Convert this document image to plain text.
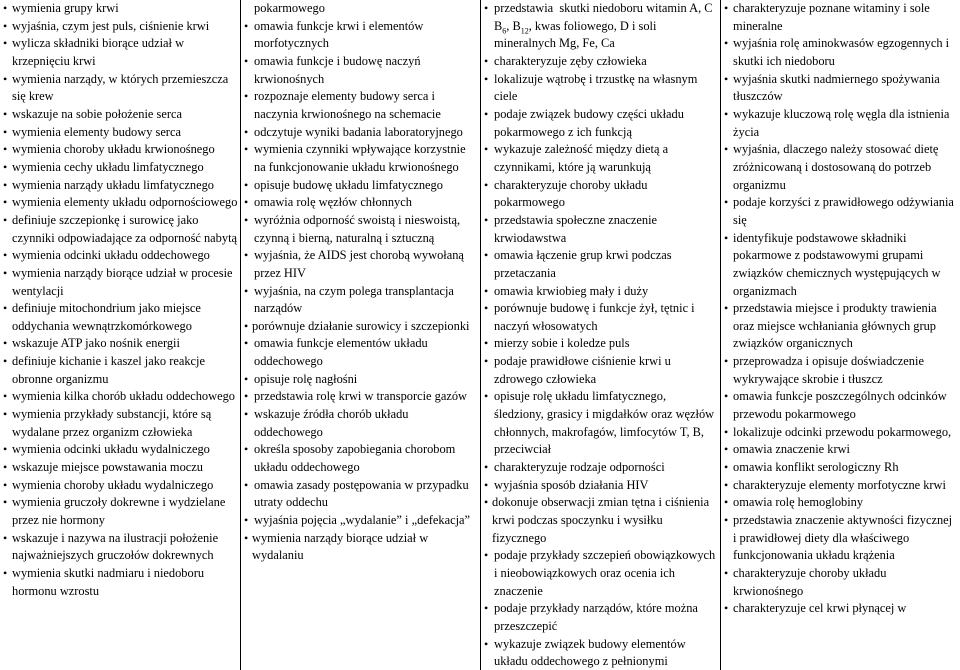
• wymienia grupy krwi
• wyjaśnia, czym jest puls, ciśnienie krwi
• wylicza składniki biorące udział w krzepnięciu krwi
• wymienia narządy, w których przemieszcza się krew
• wskazuje na sobie położenie serca
• wymienia elementy budowy serca
• wymienia choroby układu krwionośnego
• wymienia cechy układu limfatycznego
• wymienia narządy układu limfatycznego
• wymienia elementy układu odpornościowego
• definiuje szczepionkę i surowicę jako czynniki odpowiadające za odporność nabytą
• wymienia odcinki układu oddechowego
• wymienia narządy biorące udział w procesie wentylacji
• definiuje mitochondrium jako miejsce oddychania wewnątrzkomórkowego
• wskazuje ATP jako nośnik energii
• definiuje kichanie i kaszel jako reakcje obronne organizmu
• wymienia kilka chorób układu oddechowego
• wymienia przykłady substancji, które są wydalane przez organizm człowieka
• wymienia odcinki układu wydalniczego
• wskazuje miejsce powstawania moczu
• wymienia choroby układu wydalniczego
• wymienia gruczoły dokrewne i wydzielane przez nie hormony
• wskazuje i nazywa na ilustracji położenie najważniejszych gruczołów dokrewnych
• wymienia skutki nadmiaru i niedoboru hormonu wzrostu
pokarmowego
• omawia funkcje krwi i elementów morfotycznych
• omawia funkcje i budowę naczyń krwionośnych
• rozpoznaje elementy budowy serca i naczynia krwionośnego na schemacie
• odczytuje wyniki badania laboratoryjnego
• wymienia czynniki wpływające korzystnie na funkcjonowanie układu krwionośnego
• opisuje budowę układu limfatycznego
• omawia rolę węzłów chłonnych
• wyróżnia odporność swoistą i nieswoistą, czynną i bierną, naturalną i sztuczną
• wyjaśnia, że AIDS jest chorobą wywołaną przez HIV
• wyjaśnia, na czym polega transplantacja narządów
• porównuje działanie surowicy i szczepionki
• omawia funkcje elementów układu oddechowego
• opisuje rolę nagłośni
• przedstawia rolę krwi w transporcie gazów
• wskazuje źródła chorób układu oddechowego
• określa sposoby zapobiegania chorobom układu oddechowego
• omawia zasady postępowania w przypadku utraty oddechu
• wyjaśnia pojęcia „wydalanie” i „defekacja”
• wymienia narządy biorące udział w wydalaniu
• przedstawia  skutki niedoboru witamin A, C $B_6$, $B_{12}$, kwas foliowego, D i soli mineralnych Mg, Fe, Ca
• charakteryzuje zęby człowieka
• lokalizuje wątrobę i trzustkę na własnym ciele
• podaje związek budowy części układu pokarmowego z ich funkcją
• wykazuje zależność między dietą a czynnikami, które ją warunkują
• charakteryzuje choroby układu pokarmowego
• przedstawia społeczne znaczenie krwiodawstwa
• omawia łączenie grup krwi podczas przetaczania
• omawia krwiobieg mały i duży
• porównuje budowę i funkcje żył, tętnic i naczyń włosowatych
• mierzy sobie i koledze puls
• podaje prawidłowe ciśnienie krwi u zdrowego człowieka
• opisuje rolę układu limfatycznego, śledziony, grasicy i migdałków oraz węzłów chłonnych, makrofagów, limfocytów T, B, przeciwciał
• charakteryzuje rodzaje odporności
• wyjaśnia sposób działania HIV
• dokonuje obserwacji zmian tętna i ciśnienia krwi podczas spoczynku i wysiłku fizycznego
• podaje przykłady szczepień obowiązkowych i nieobowiązkowych oraz ocenia ich znaczenie
• podaje przykłady narządów, które można przeszczepić
• wykazuje związek budowy elementów układu oddechowego z pełnionymi
• charakteryzuje poznane witaminy i sole mineralne
• wyjaśnia rolę aminokwasów egzogennych i skutki ich niedoboru
• wyjaśnia skutki nadmiernego spożywania tłuszczów
• wykazuje kluczową rolę węgla dla istnienia życia
• wyjaśnia, dlaczego należy stosować dietę zróżnicowaną i dostosowaną do potrzeb organizmu
• podaje korzyści z prawidłowego odżywiania się
• identyfikuje podstawowe składniki pokarmowe z podstawowymi grupami związków chemicznych występujących w organizmach
• przedstawia miejsce i produkty trawienia oraz miejsce wchłaniania głównych grup związków organicznych
• przeprowadza i opisuje doświadczenie wykrywające skrobie i tłuszcz
• omawia funkcje poszczególnych odcinków przewodu pokarmowego
• lokalizuje odcinki przewodu pokarmowego,
• omawia znaczenie krwi
• omawia konflikt serologiczny Rh
• charakteryzuje elementy morfotyczne krwi
• omawia rolę hemoglobiny
• przedstawia znaczenie aktywności fizycznej i prawidłowej diety dla właściwego funkcjonowania układu krążenia
• charakteryzuje choroby układu krwionośnego
• charakteryzuje cel krwi płynącej w
